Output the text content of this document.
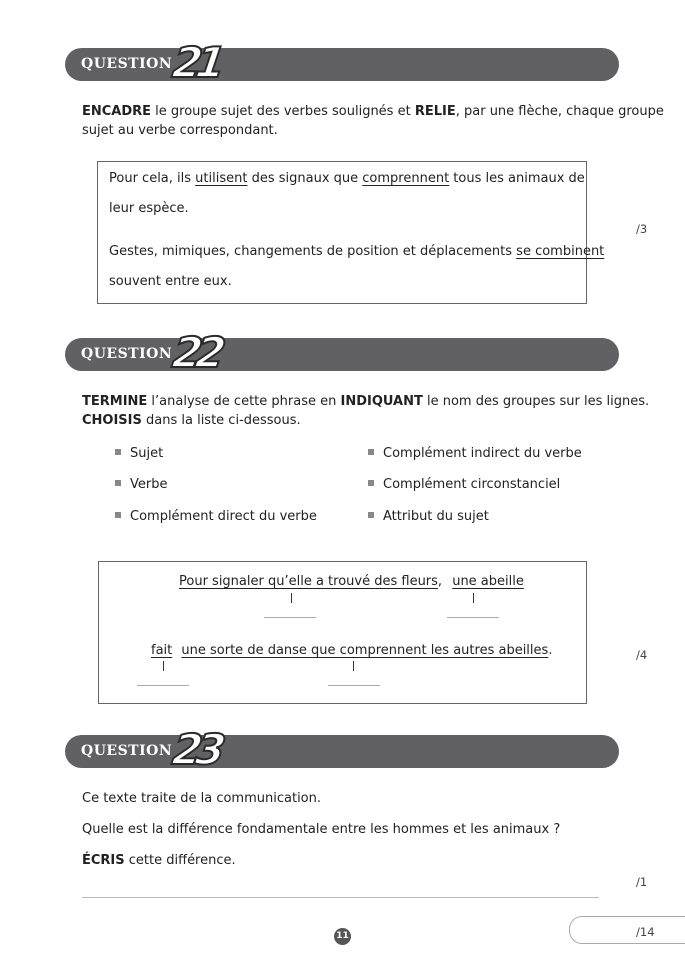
QUESTION
21
ENCADRE le groupe sujet des verbes soulignés et RELIE, par une flèche, chaque groupe
sujet au verbe correspondant.
Pour cela, ils utilisent des signaux que comprennent tous les animaux de
leur espèce.
Gestes, mimiques, changements de position et déplacements se combinent
souvent entre eux.
/3
QUESTION
22
TERMINE l’analyse de cette phrase en INDIQUANT le nom des groupes sur les lignes.
CHOISIS dans la liste ci-dessous.
Sujet
Verbe
Complément direct du verbe
Complément indirect du verbe
Complément circonstanciel
Attribut du sujet
Pour signaler qu’elle a trouvé des fleurs, une abeille
fait une sorte de danse que comprennent les autres abeilles.	/4
QUESTION
23
Ce texte traite de la communication.
Quelle est la différence fondamentale entre les hommes et les animaux ?
ÉCRIS cette différence.
/1
11	/14
